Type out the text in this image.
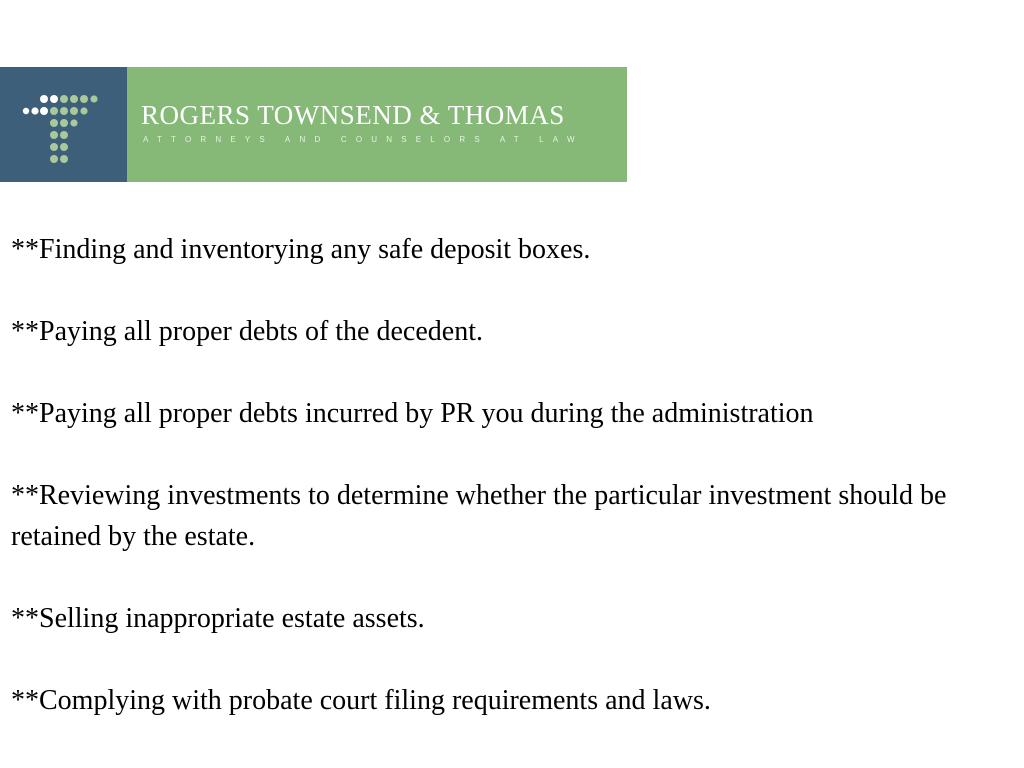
ROGERS TOWNSEND & THOMAS
ATTORNEYS AND COUNSELORS AT LAW

**Finding and inventorying any safe deposit boxes.

**Paying all proper debts of the decedent.

**Paying all proper debts incurred by PR you during the administration

**Reviewing investments to determine whether the particular investment should be retained by the estate.

**Selling inappropriate estate assets.

**Complying with probate court filing requirements and laws.
